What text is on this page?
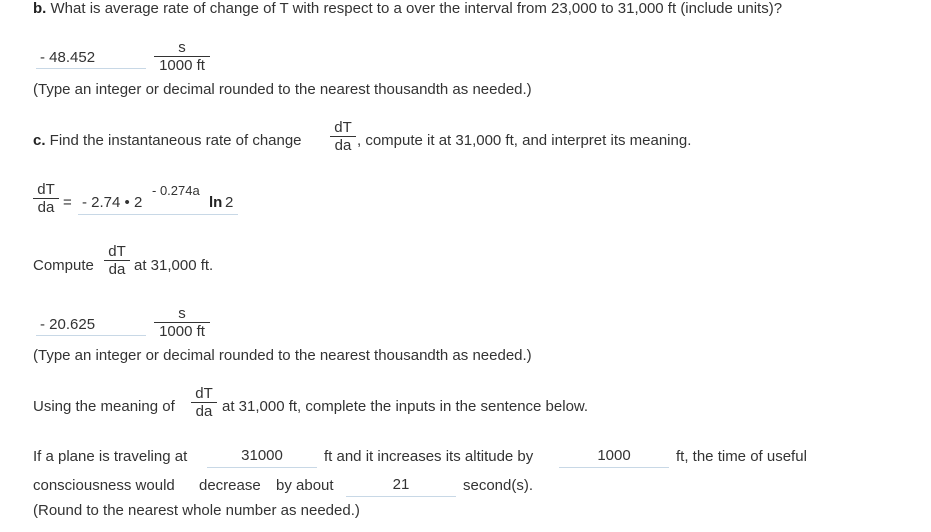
b. What is average rate of change of T with respect to a over the interval from 23,000 to 31,000 ft (include units)?
- 48.452	$\frac{s}{1000 ft}$
(Type an integer or decimal rounded to the nearest thousandth as needed.)
c. Find the instantaneous rate of change $\frac{dT}{da}$ , compute it at 31,000 ft, and interpret its meaning.
$\frac{dT}{da}$ = - 2.74 • 2
- 0.274a
ln 2
Compute $\frac{dT}{da}$ at 31,000 ft.
- 20.625	$\frac{s}{1000 ft}$
(Type an integer or decimal rounded to the nearest thousandth as needed.)
Using the meaning of $\frac{dT}{da}$ at 31,000 ft, complete the inputs in the sentence below.
If a plane is traveling at	31000	ft and it increases its altitude by	1000	ft, the time of useful
consciousness would decrease by about	21	second(s).
(Round to the nearest whole number as needed.)
